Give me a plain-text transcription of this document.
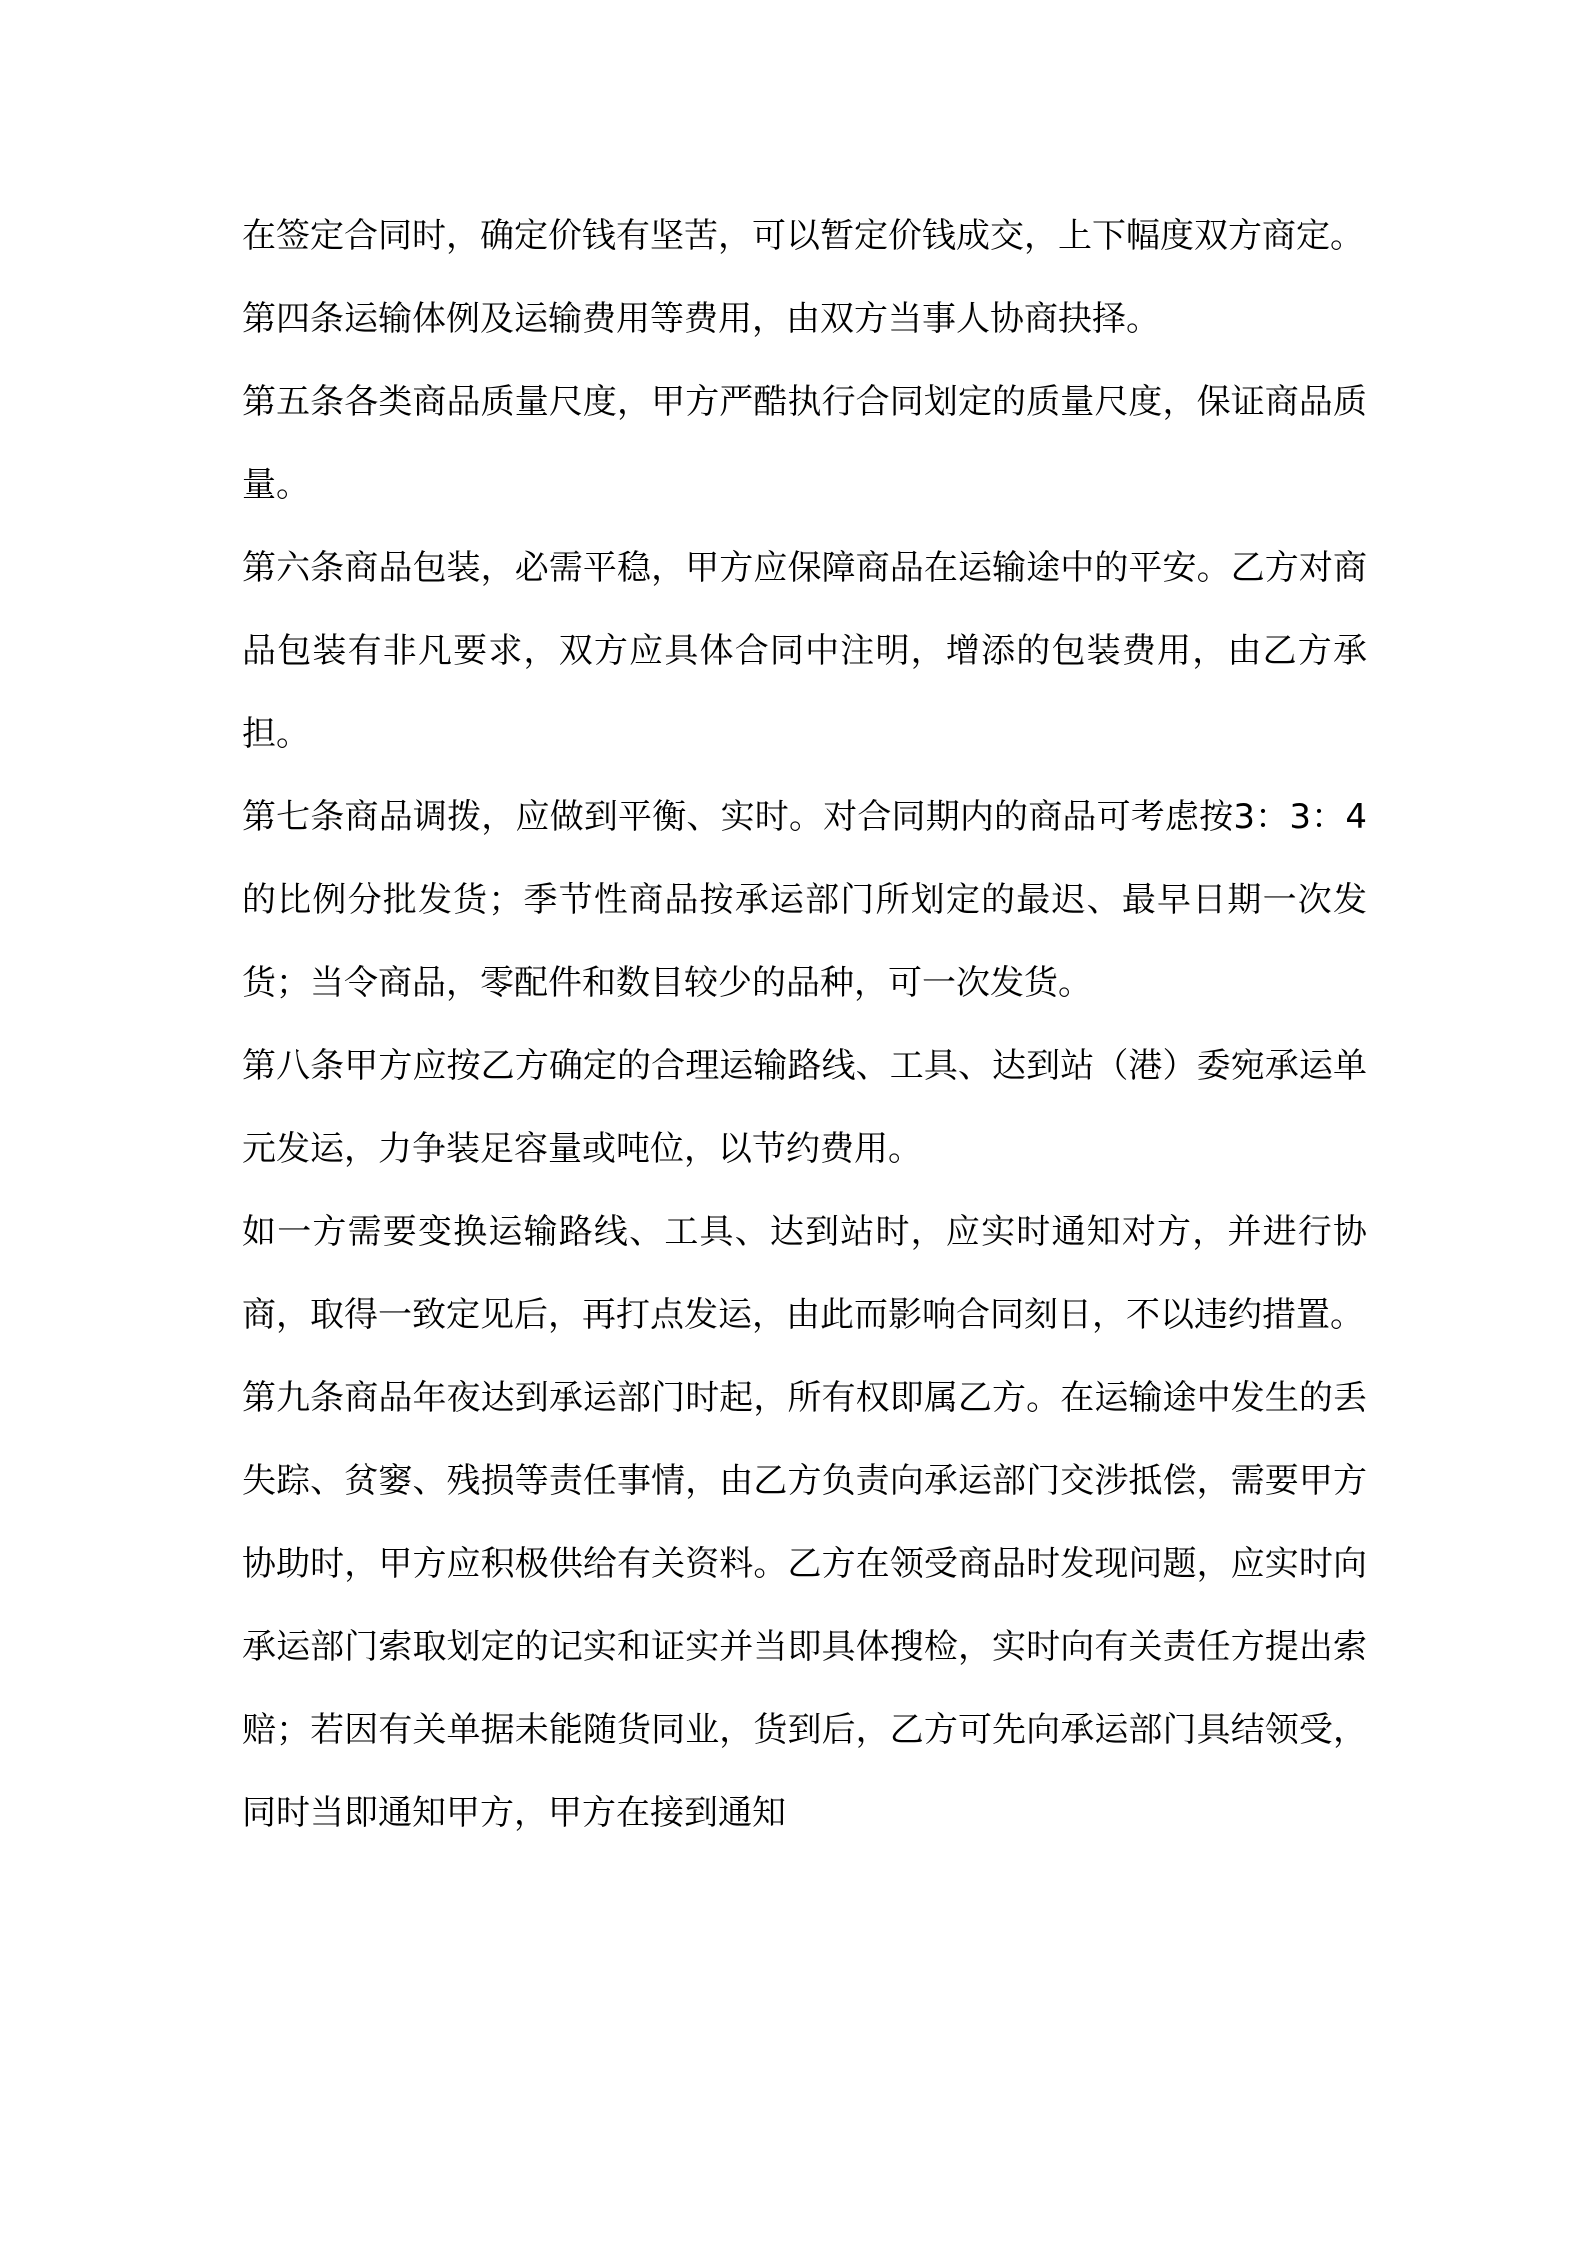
在签定合同时，确定价钱有坚苦，可以暂定价钱成交，上下幅度双方商定。

第四条运输体例及运输费用等费用，由双方当事人协商抉择。

第五条各类商品质量尺度，甲方严酷执行合同划定的质量尺度，保证商品质量。

第六条商品包装，必需平稳，甲方应保障商品在运输途中的平安。乙方对商品包装有非凡要求，双方应具体合同中注明，增添的包装费用，由乙方承担。

第七条商品调拨，应做到平衡、实时。对合同期内的商品可考虑按3：3：4的比例分批发货；季节性商品按承运部门所划定的最迟、最早日期一次发货；当令商品，零配件和数目较少的品种，可一次发货。

第八条甲方应按乙方确定的合理运输路线、工具、达到站（港）委宛承运单元发运，力争装足容量或吨位，以节约费用。

如一方需要变换运输路线、工具、达到站时，应实时通知对方，并进行协商，取得一致定见后，再打点发运，由此而影响合同刻日，不以违约措置。

第九条商品年夜达到承运部门时起，所有权即属乙方。在运输途中发生的丢失踪、贫窭、残损等责任事情，由乙方负责向承运部门交涉抵偿，需要甲方协助时，甲方应积极供给有关资料。乙方在领受商品时发现问题，应实时向承运部门索取划定的记实和证实并当即具体搜检，实时向有关责任方提出索赔；若因有关单据未能随货同业，货到后，乙方可先向承运部门具结领受，同时当即通知甲方，甲方在接到通知
